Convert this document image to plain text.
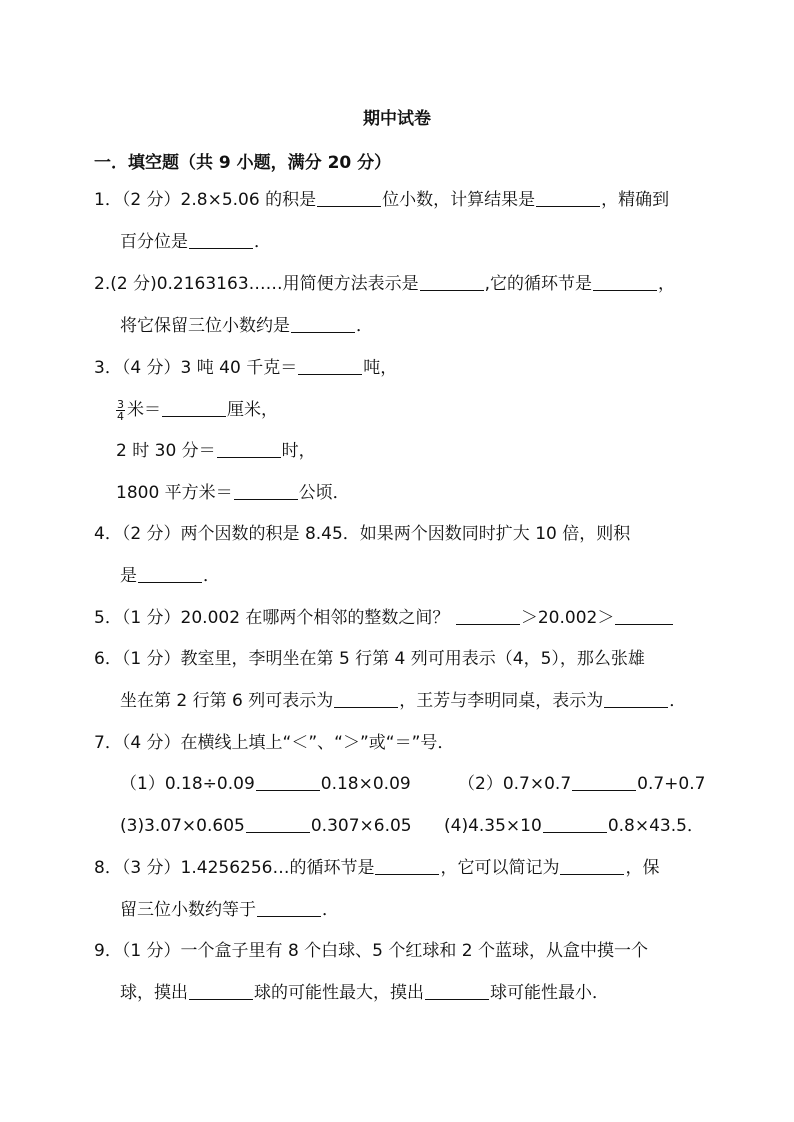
期中试卷
一．填空题（共 9 小题，满分 20 分）
1．（2 分）2.8×5.06 的积是	位小数，计算结果是	，精确到
百分位是	．
2.(2 分)0.2163163……用简便方法表示是	,它的循环节是	，
将它保留三位小数约是	．
3．（4 分）3 吨 40 千克＝	吨，
$\frac{3}{4}$ 米＝	厘米，
2 时 30 分＝	时，
1800 平方米＝	公顷．
4．（2 分）两个因数的积是 8.45．如果两个因数同时扩大 10 倍，则积
是	．
5．（1 分）20.002 在哪两个相邻的整数之间？	＞20.002＞
6．（1 分）教室里，李明坐在第 5 行第 4 列可用表示（4，5），那么张雄
坐在第 2 行第 6 列可表示为	，王芳与李明同桌，表示为	．
7．（4 分）在横线上填上“＜”、“＞”或“＝”号．
（1）0.18÷0.09	0.18×0.09	（2）0.7×0.7	0.7+0.7
(3)3.07×0.605	0.307×6.05 (4)4.35×10	0.8×43.5．
8．（3 分）1.4256256…的循环节是	，它可以简记为	，保
留三位小数约等于	．
9．（1 分）一个盒子里有 8 个白球、5 个红球和 2 个蓝球，从盒中摸一个
球，摸出	球的可能性最大，摸出	球可能性最小．
